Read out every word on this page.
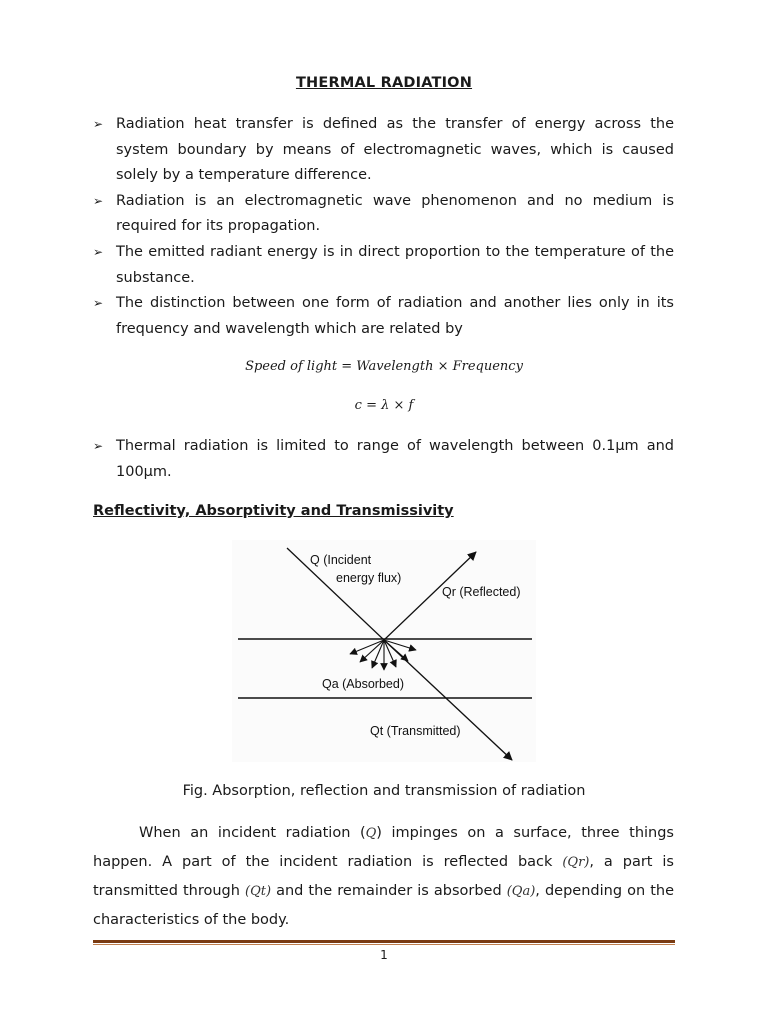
THERMAL RADIATION
➢ Radiation heat transfer is defined as the transfer of energy across the system boundary by means of electromagnetic waves, which is caused solely by a temperature difference.
➢ Radiation is an electromagnetic wave phenomenon and no medium is required for its propagation.
➢ The emitted radiant energy is in direct proportion to the temperature of the substance.
➢ The distinction between one form of radiation and another lies only in its frequency and wavelength which are related by
Speed of light = Wavelength × Frequency
c = λ × f
➢ Thermal radiation is limited to range of wavelength between 0.1μm and 100μm.
Reflectivity, Absorptivity and Transmissivity
Q (Incident
energy flux)
Qr (Reflected)
Qa (Absorbed)
Qt (Transmitted)
Fig. Absorption, reflection and transmission of radiation

When an incident radiation (Q) impinges on a surface, three things happen. A part of the incident radiation is reflected back (Qr), a part is transmitted through (Qt) and the remainder is absorbed (Qa), depending on the characteristics of the body.

1
